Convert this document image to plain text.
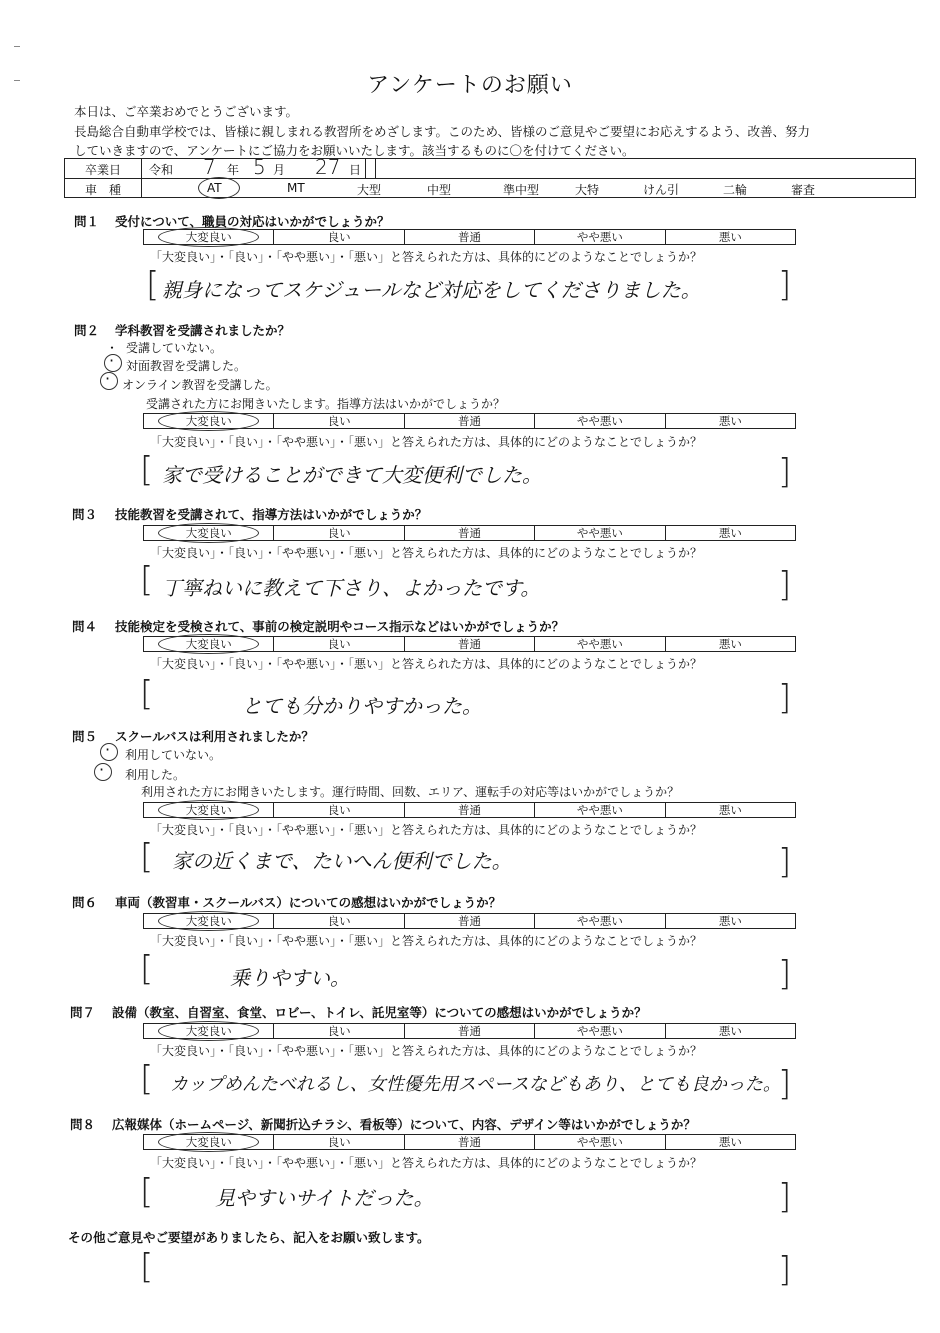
アンケートのお願い
本日は、ご卒業おめでとうございます。
長島総合自動車学校では、皆様に親しまれる教習所をめざします。このため、皆様のご意見やご要望にお応えするよう、改善、努力
していきますので、アンケートにご協力をお願いいたします。該当するものに〇を付けてください。
卒業日 令和 7 年 5 月 27 日
車　種	AT	MT	大型	中型	準中型	大特	けん引	二輪	審査
問１ 受付について、職員の対応はいかがでしょうか？
大変良い	良い	普通	やや悪い	悪い
「大変良い」・「良い」・「やや悪い」・「悪い」と答えられた方は、具体的にどのようなことでしょうか？
[	]
親身になってスケジュールなど対応をしてくださりました。
問２ 学科教習を受講されましたか？
・ 受講していない。
·
対面教習を受講した。
·
オンライン教習を受講した。
受講された方にお聞きいたします。指導方法はいかがでしょうか？
大変良い	良い	普通	やや悪い	悪い
「大変良い」・「良い」・「やや悪い」・「悪い」と答えられた方は、具体的にどのようなことでしょうか？
[	]
家で受けることができて大変便利でした。
問３ 技能教習を受講されて、指導方法はいかがでしょうか？
大変良い	良い	普通	やや悪い	悪い
「大変良い」・「良い」・「やや悪い」・「悪い」と答えられた方は、具体的にどのようなことでしょうか？
[	]
丁寧ねいに教えて下さり、よかったです。
問４ 技能検定を受検されて、事前の検定説明やコース指示などはいかがでしょうか？
大変良い	良い	普通	やや悪い	悪い
「大変良い」・「良い」・「やや悪い」・「悪い」と答えられた方は、具体的にどのようなことでしょうか？
[	]
とても分かりやすかった。
問５ スクールバスは利用されましたか？
·
利用していない。
·
利用した。
利用された方にお聞きいたします。運行時間、回数、エリア、運転手の対応等はいかがでしょうか？
大変良い	良い	普通	やや悪い	悪い
「大変良い」・「良い」・「やや悪い」・「悪い」と答えられた方は、具体的にどのようなことでしょうか？
[	]
家の近くまで、たいへん便利でした。
問６ 車両（教習車・スクールバス）についての感想はいかがでしょうか？
大変良い	良い	普通	やや悪い	悪い
「大変良い」・「良い」・「やや悪い」・「悪い」と答えられた方は、具体的にどのようなことでしょうか？
[	]
乗りやすい。
問７ 設備（教室、自習室、食堂、ロビー、トイレ、託児室等）についての感想はいかがでしょうか？
大変良い	良い	普通	やや悪い	悪い
「大変良い」・「良い」・「やや悪い」・「悪い」と答えられた方は、具体的にどのようなことでしょうか？
[	]
カップめんたべれるし、女性優先用スペースなどもあり、とても良かった。
問８ 広報媒体（ホームページ、新聞折込チラシ、看板等）について、内容、デザイン等はいかがでしょうか？
大変良い	良い	普通	やや悪い	悪い
「大変良い」・「良い」・「やや悪い」・「悪い」と答えられた方は、具体的にどのようなことでしょうか？
[	]
見やすいサイトだった。
その他ご意見やご要望がありましたら、記入をお願い致します。
[	]
